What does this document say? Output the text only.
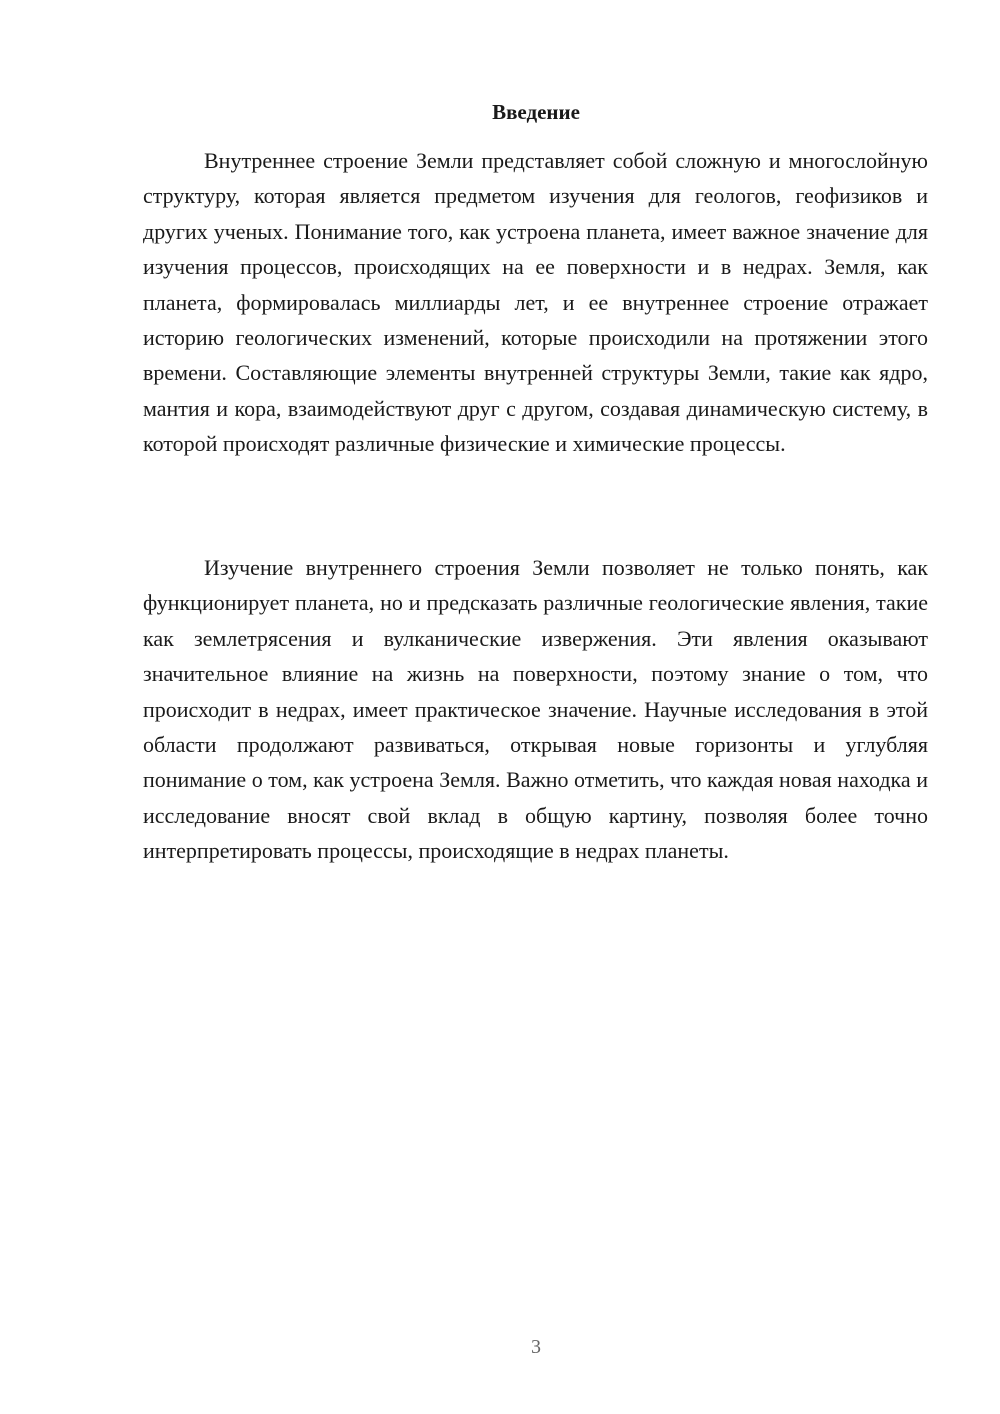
Введение

Внутреннее строение Земли представляет собой сложную и многослойную структуру, которая является предметом изучения для геологов, геофизиков и других ученых. Понимание того, как устроена планета, имеет важное значение для изучения процессов, происходящих на ее поверхности и в недрах. Земля, как планета, формировалась миллиарды лет, и ее внутреннее строение отражает историю геологических изменений, которые происходили на протяжении этого времени. Составляющие элементы внутренней структуры Земли, такие как ядро, мантия и кора, взаимодействуют друг с другом, создавая динамическую систему, в которой происходят различные физические и химические процессы.

Изучение внутреннего строения Земли позволяет не только понять, как функционирует планета, но и предсказать различные геологические явления, такие как землетрясения и вулканические извержения. Эти явления оказывают значительное влияние на жизнь на поверхности, поэтому знание о том, что происходит в недрах, имеет практическое значение. Научные исследования в этой области продолжают развиваться, открывая новые горизонты и углубляя понимание о том, как устроена Земля. Важно отметить, что каждая новая находка и исследование вносят свой вклад в общую картину, позволяя более точно интерпретировать процессы, происходящие в недрах планеты.

3
